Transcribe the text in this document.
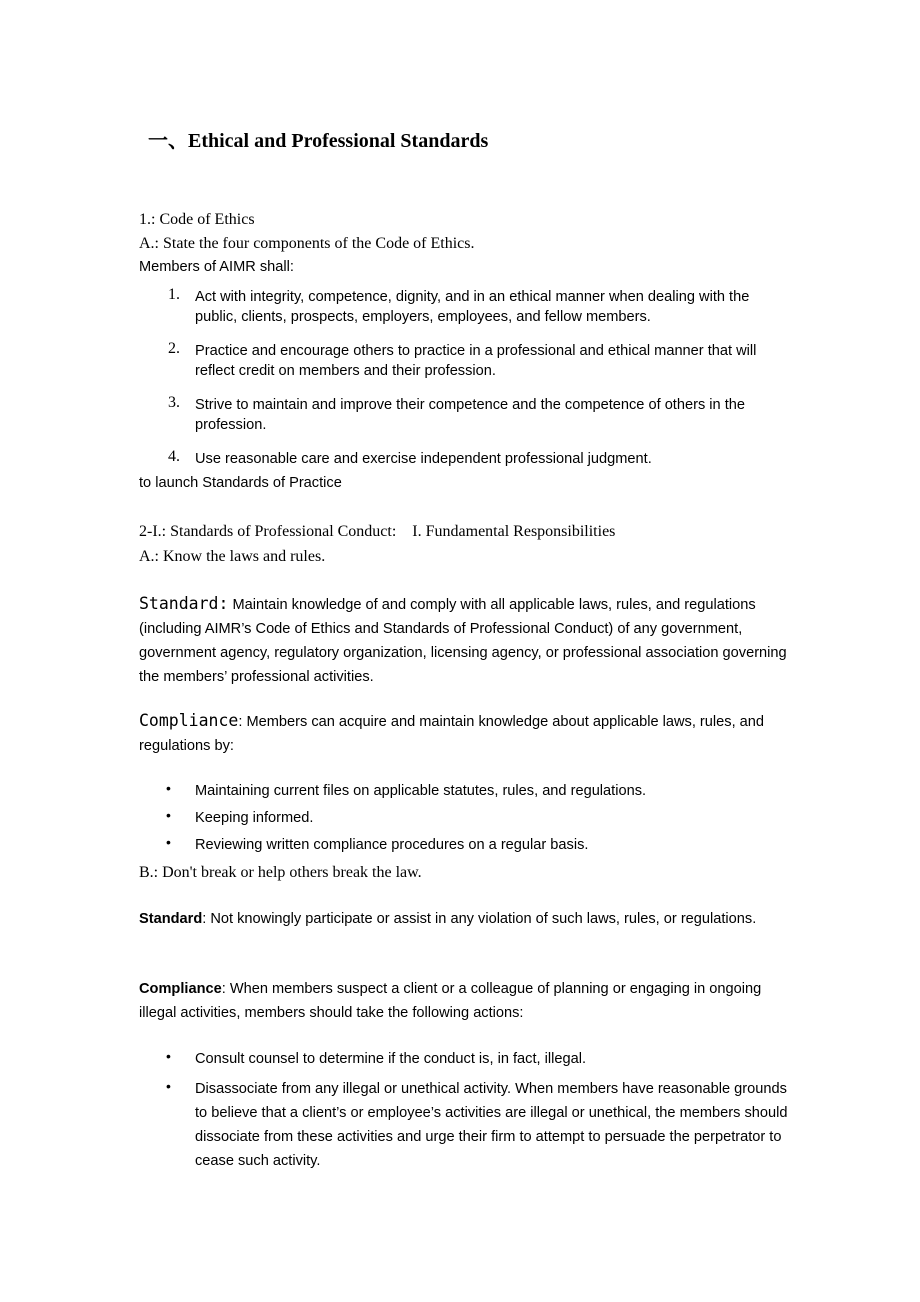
一、Ethical and Professional Standards
1.: Code of Ethics
A.: State the four components of the Code of Ethics.
Members of AIMR shall:
1. Act with integrity, competence, dignity, and in an ethical manner when dealing with the public, clients, prospects, employers, employees, and fellow members.
2. Practice and encourage others to practice in a professional and ethical manner that will reflect credit on members and their profession.
3. Strive to maintain and improve their competence and the competence of others in the profession.
4. Use reasonable care and exercise independent professional judgment.
to launch Standards of Practice
2-I.: Standards of Professional Conduct:    I. Fundamental Responsibilities
A.: Know the laws and rules.
Standard: Maintain knowledge of and comply with all applicable laws, rules, and regulations (including AIMR’s Code of Ethics and Standards of Professional Conduct) of any government, government agency, regulatory organization, licensing agency, or professional association governing the members’ professional activities.
Compliance: Members can acquire and maintain knowledge about applicable laws, rules, and regulations by:
• Maintaining current files on applicable statutes, rules, and regulations.
• Keeping informed.
• Reviewing written compliance procedures on a regular basis.
B.: Don't break or help others break the law.
Standard: Not knowingly participate or assist in any violation of such laws, rules, or regulations.
Compliance: When members suspect a client or a colleague of planning or engaging in ongoing illegal activities, members should take the following actions:
• Consult counsel to determine if the conduct is, in fact, illegal.
• Disassociate from any illegal or unethical activity. When members have reasonable grounds to believe that a client’s or employee’s activities are illegal or unethical, the members should dissociate from these activities and urge their firm to attempt to persuade the perpetrator to cease such activity.
